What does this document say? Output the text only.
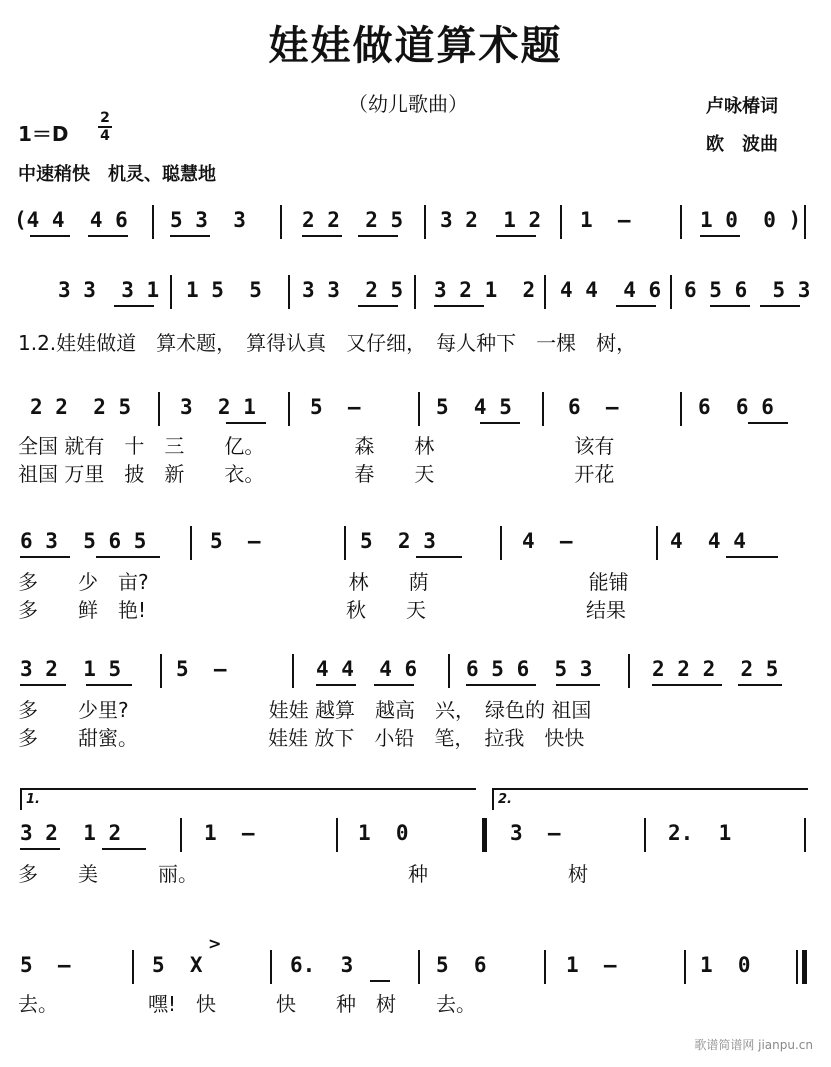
娃娃做道算术题
（幼儿歌曲）	卢咏椿词
欧　波曲
1＝D
2
4
中速稍快　机灵、聪慧地
(4 4  4 6 5 3  3	2 2  2 5 3 2  1 2 1  –	1 0  0 )
3 3  3 1 1 5  5 3 3  2 5 3 2 1  2 4 4  4 6 6 5 6  5 3
1.2.娃娃做道　算术题，　算得认真　又仔细，　每人种下　一棵　树，
2 2  2 5 3  2 1	5  –	5  4 5	6  –	6  6 6
全国 就有　十　三　　亿。　　　　　森　　林　　　　　　　该有
祖国 万里　披　新　　衣。　　　　　春　　天　　　　　　　开花
6 3  5 6 5	5  –	5  2 3	4  –	4  4 4
多　　少　亩?　　　　　　　　　　林　　荫　　　　　　　　能铺
多　　鲜　艳!　　　　　　　　　　秋　　天　　　　　　　　结果
3 2  1 5	5  –	4 4  4 6 6 5 6  5 3	2 2 2  2 5
多　　少里?　　　　　　　娃娃 越算　越高　兴，　绿色的 祖国
多　　甜蜜。　　　　　　　娃娃 放下　小铅　笔，　拉我　快快
1.	2.
3 2  1 2	1  –	1  0	3  –	2.  1
多　　美　　　丽。　　　　　　　　　　　种　　　　　　　树
>
5  –	5  X	6.  3	5  6	1  –	1  0
去。　　　　　嘿!　快　　　快　　种　树　　去。
歌谱简谱网 jianpu.cn
